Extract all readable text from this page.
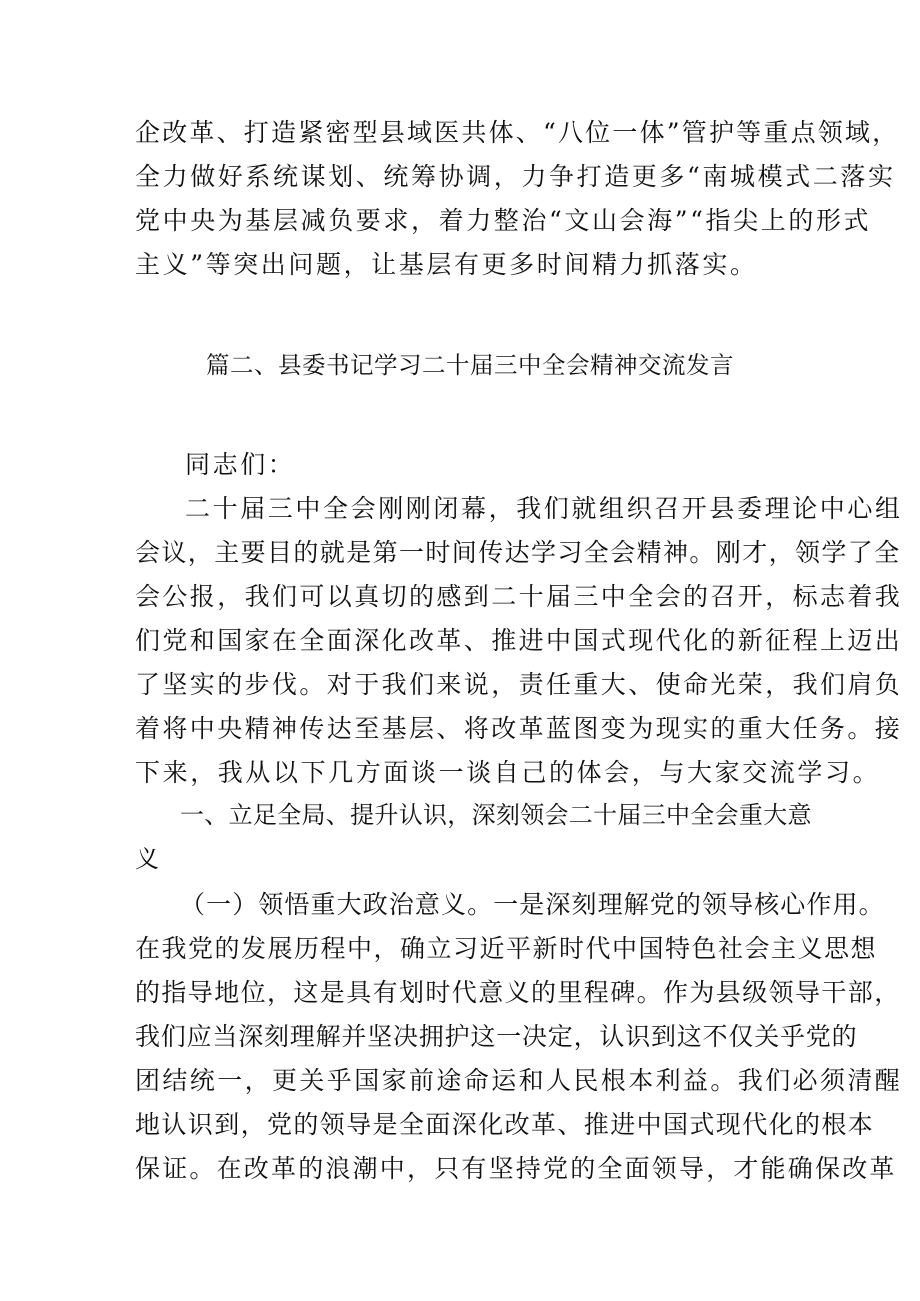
企改革、打造紧密型县域医共体、“八位一体”管护等重点领域，
全力做好系统谋划、统筹协调，力争打造更多“南城模式二落实
党中央为基层减负要求，着力整治“文山会海”“指尖上的形式
主义”等突出问题，让基层有更多时间精力抓落实。
篇二、县委书记学习二十届三中全会精神交流发言
同志们：
二十届三中全会刚刚闭幕，我们就组织召开县委理论中心组
会议，主要目的就是第一时间传达学习全会精神。刚才，领学了全
会公报，我们可以真切的感到二十届三中全会的召开，标志着我
们党和国家在全面深化改革、推进中国式现代化的新征程上迈出
了坚实的步伐。对于我们来说，责任重大、使命光荣，我们肩负
着将中央精神传达至基层、将改革蓝图变为现实的重大任务。接
下来，我从以下几方面谈一谈自己的体会，与大家交流学习。
一、立足全局、提升认识，深刻领会二十届三中全会重大意
义
（一）领悟重大政治意义。一是深刻理解党的领导核心作用。
在我党的发展历程中，确立习近平新时代中国特色社会主义思想
的指导地位，这是具有划时代意义的里程碑。作为县级领导干部，
我们应当深刻理解并坚决拥护这一决定，认识到这不仅关乎党的
团结统一，更关乎国家前途命运和人民根本利益。我们必须清醒
地认识到，党的领导是全面深化改革、推进中国式现代化的根本
保证。在改革的浪潮中，只有坚持党的全面领导，才能确保改革
